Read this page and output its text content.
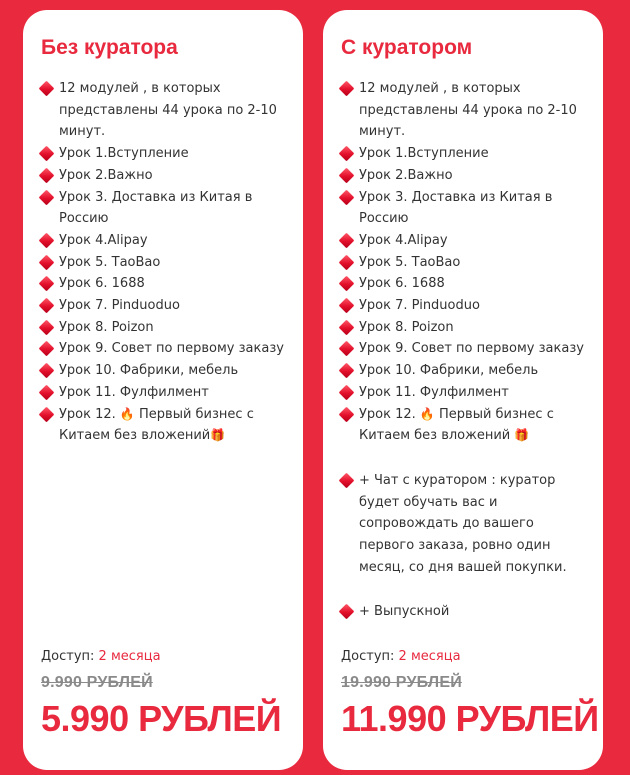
Без куратора
12 модулей , в которых представлены 44 урока по 2-10 минут.
Урок 1.Вступление
Урок 2.Важно
Урок 3. Доставка из Китая в Россию
Урок 4.Alipay
Урок 5. ТаоВао
Урок 6. 1688
Урок 7. Pinduoduo
Урок 8. Poizon
Урок 9. Совет по первому заказу
Урок 10. Фабрики, мебель
Урок 11. Фулфилмент
Урок 12. 🔥 Первый бизнес с Китаем без вложений🎁
Доступ: 2 месяца
9.990 РУБЛЕЙ
5.990 РУБЛЕЙ
С куратором
12 модулей , в которых представлены 44 урока по 2-10 минут.
Урок 1.Вступление
Урок 2.Важно
Урок 3. Доставка из Китая в Россию
Урок 4.Alipay
Урок 5. ТаоВао
Урок 6. 1688
Урок 7. Pinduoduo
Урок 8. Poizon
Урок 9. Совет по первому заказу
Урок 10. Фабрики, мебель
Урок 11. Фулфилмент
Урок 12. 🔥 Первый бизнес с Китаем без вложений 🎁
+ Чат с куратором : куратор будет обучать вас и сопровождать до вашего первого заказа, ровно один месяц, со дня вашей покупки.
+ Выпускной
Доступ: 2 месяца
19.990 РУБЛЕЙ
11.990 РУБЛЕЙ
